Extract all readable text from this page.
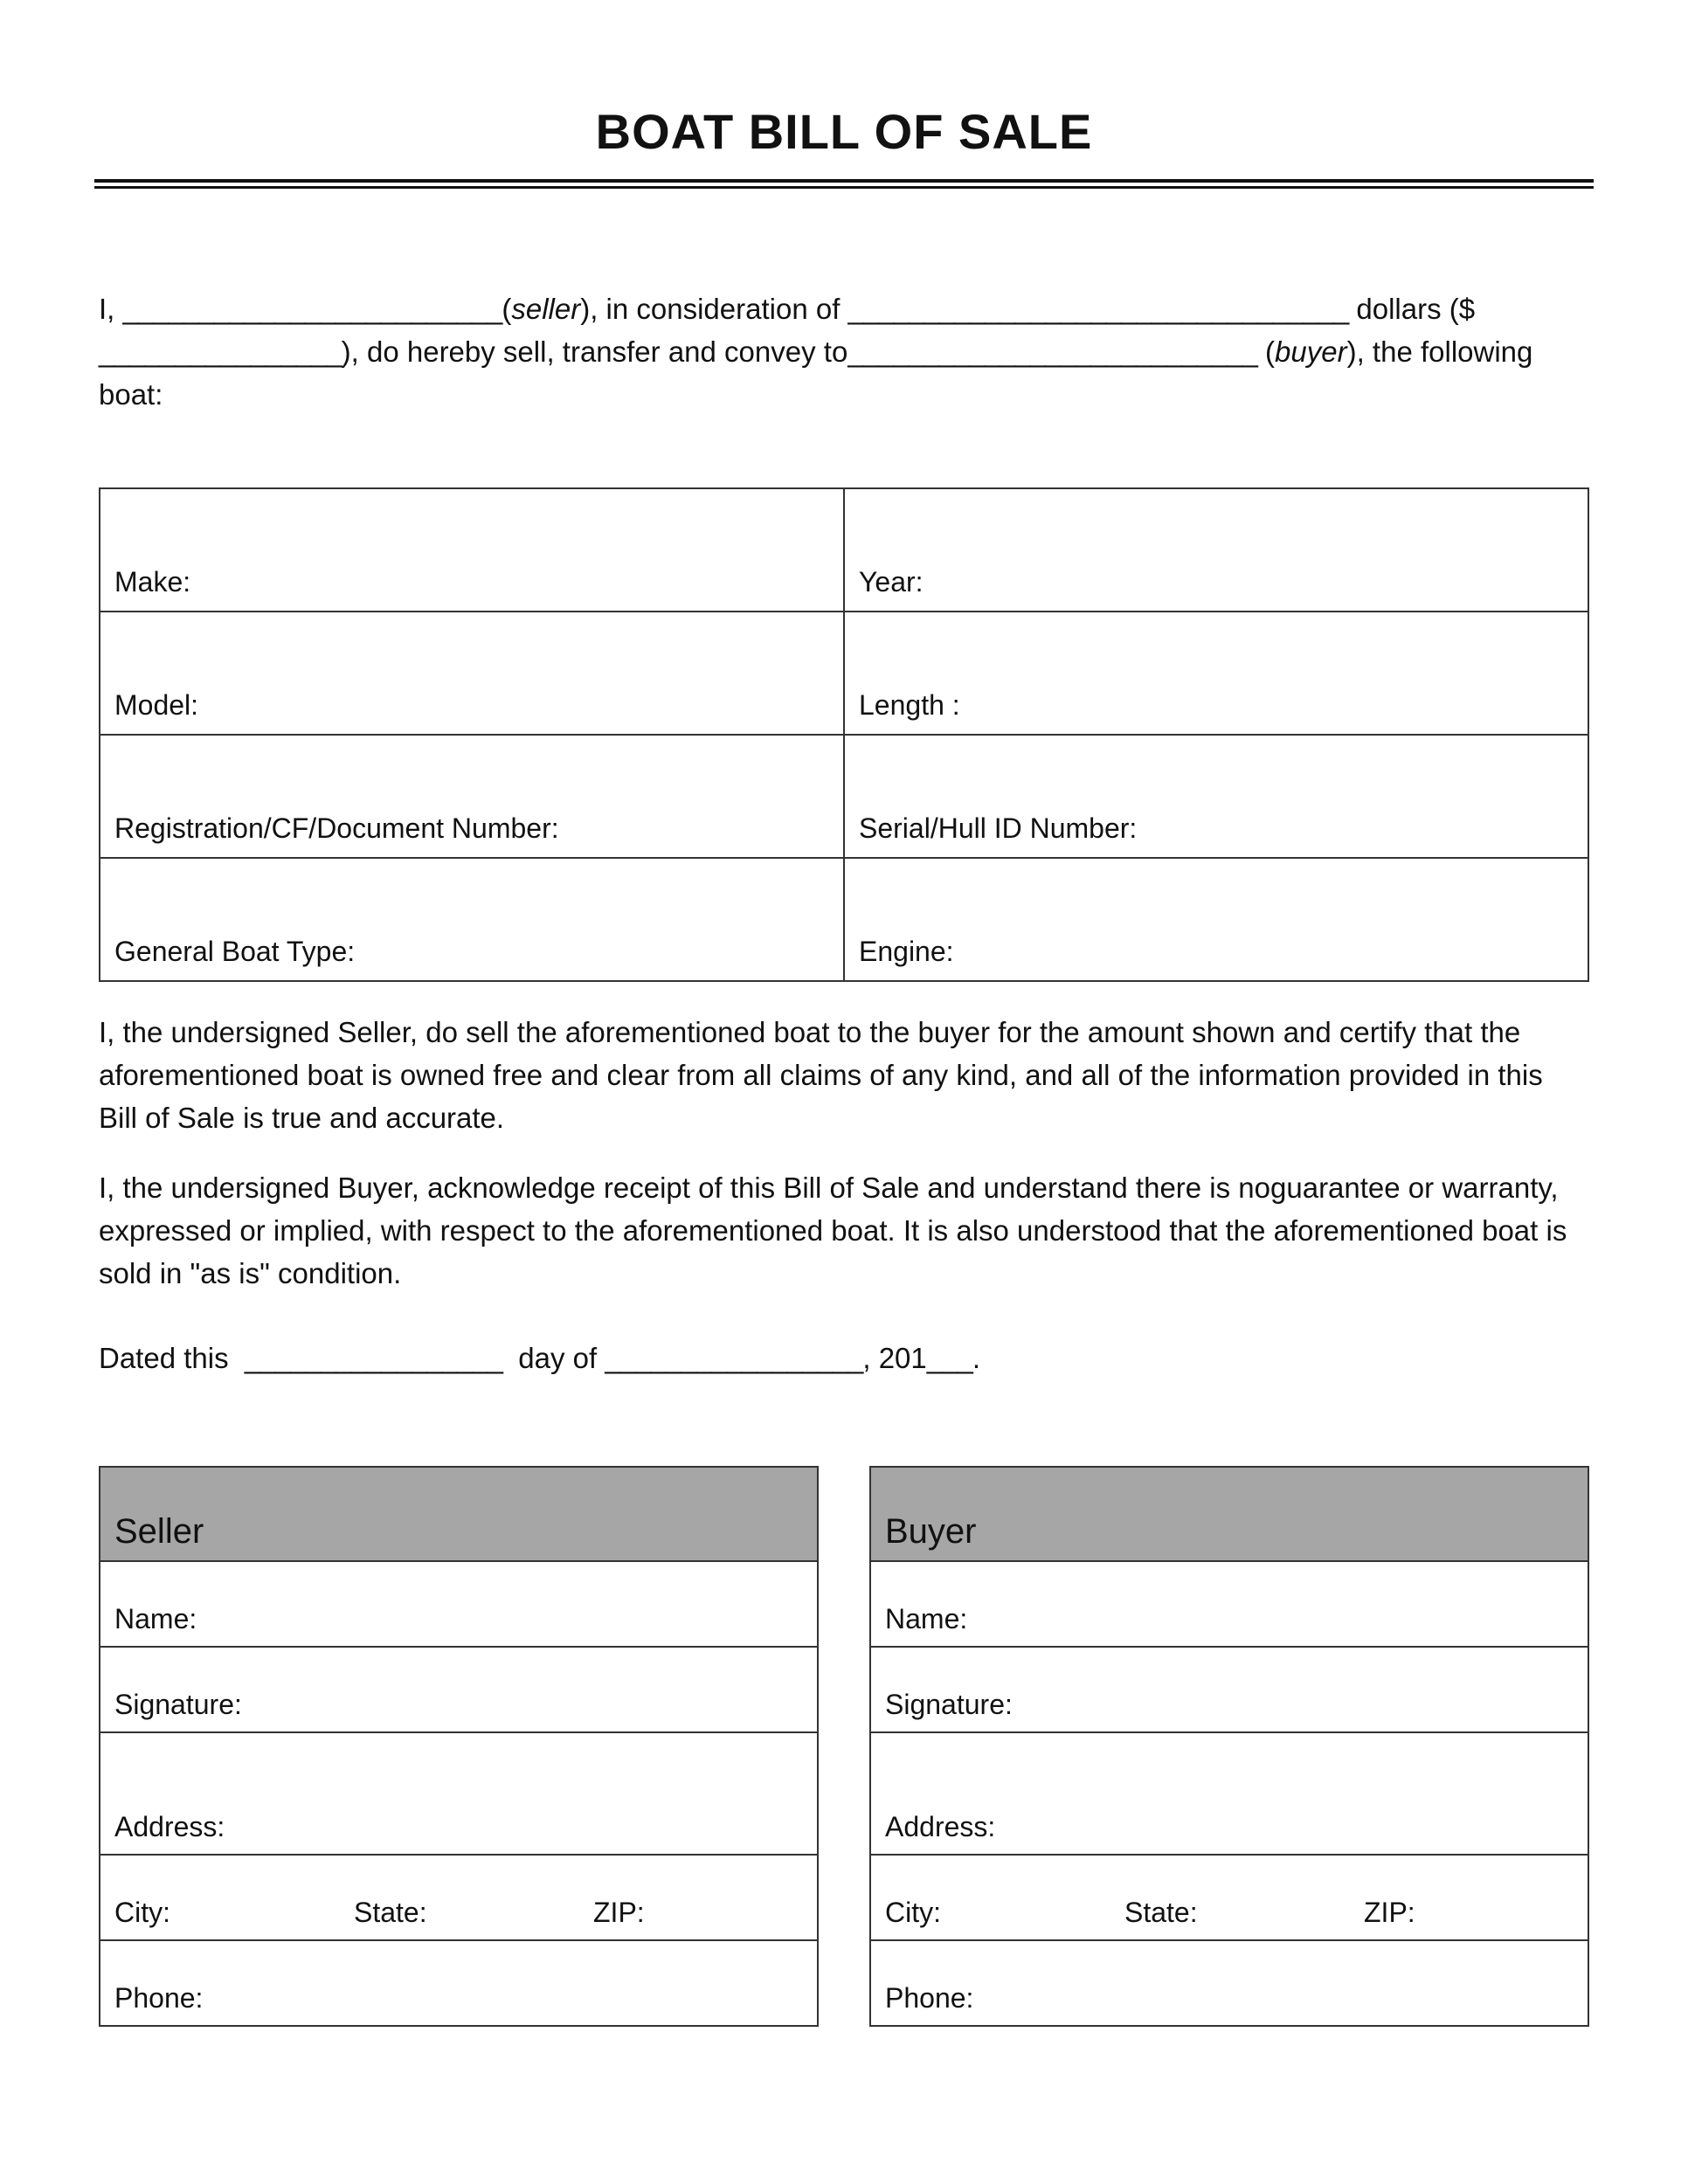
BOAT BILL OF SALE
I, _________________________(seller), in consideration of _________________________________ dollars ($
________________), do hereby sell, transfer and convey to___________________________ (buyer), the following
boat:
Make:	Year:
Model:	Length :
Registration/CF/Document Number:	Serial/Hull ID Number:
General Boat Type:	Engine:
I, the undersigned Seller, do sell the aforementioned boat to the buyer for the amount shown and certify that the aforementioned boat is owned free and clear from all claims of any kind, and all of the information provided in this Bill of Sale is true and accurate.
I, the undersigned Buyer, acknowledge receipt of this Bill of Sale and understand there is noguarantee or warranty, expressed or implied, with respect to the aforementioned boat. It is also understood that the aforementioned boat is sold in "as is" condition.
Dated this  _________________  day of _________________, 201___.
Seller
Name:
Signature:
Address:
City:	State:	ZIP:
Phone:
Buyer
Name:
Signature:
Address:
City:	State:	ZIP:
Phone:
